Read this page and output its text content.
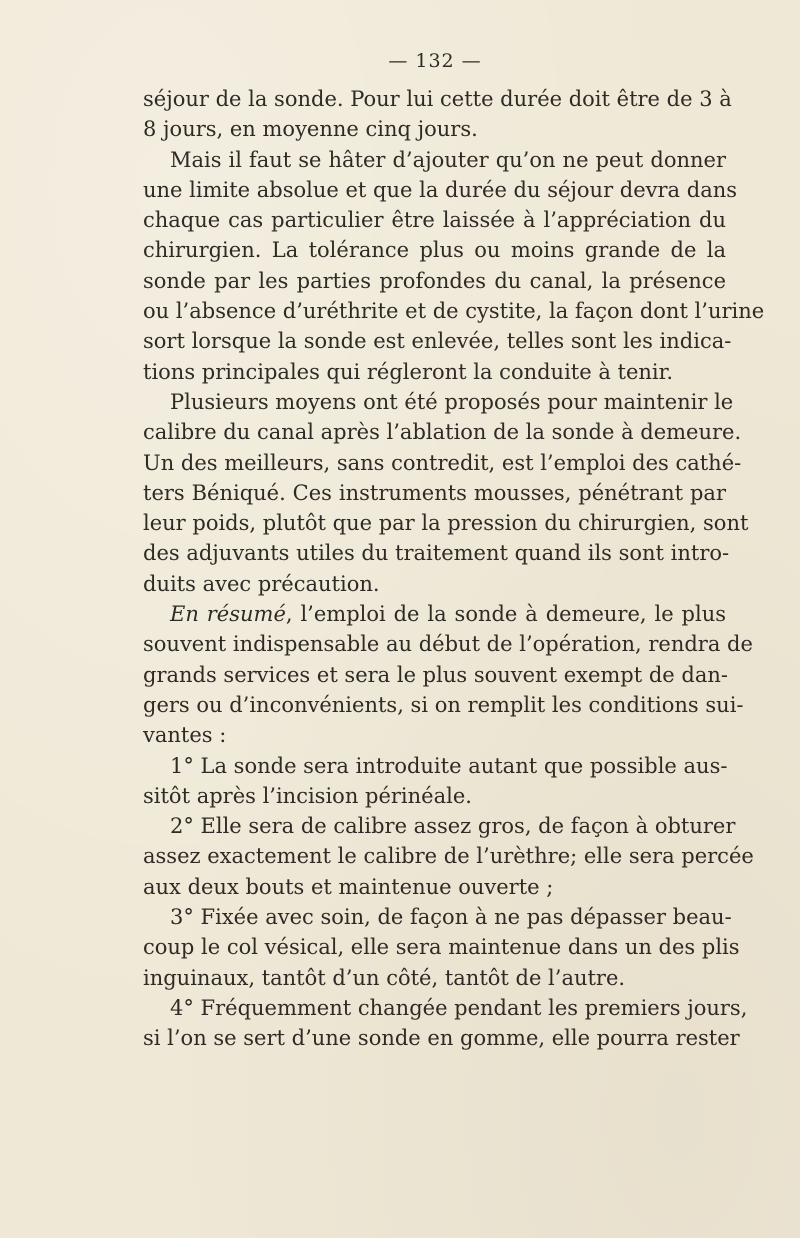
— 132 —
séjour de la sonde. Pour lui cette durée doit être de 3 à
8 jours, en moyenne cinq jours.
Mais il faut se hâter d’ajouter qu’on ne peut donner
une limite absolue et que la durée du séjour devra dans
chaque cas particulier être laissée à l’appréciation du
chirurgien. La tolérance plus ou moins grande de la
sonde par les parties profondes du canal, la présence
ou l’absence d’uréthrite et de cystite, la façon dont l’urine
sort lorsque la sonde est enlevée, telles sont les indica-
tions principales qui régleront la conduite à tenir.
Plusieurs moyens ont été proposés pour maintenir le
calibre du canal après l’ablation de la sonde à demeure.
Un des meilleurs, sans contredit, est l’emploi des cathé-
ters Béniqué. Ces instruments mousses, pénétrant par
leur poids, plutôt que par la pression du chirurgien, sont
des adjuvants utiles du traitement quand ils sont intro-
duits avec précaution.
En résumé, l’emploi de la sonde à demeure, le plus
souvent indispensable au début de l’opération, rendra de
grands services et sera le plus souvent exempt de dan-
gers ou d’inconvénients, si on remplit les conditions sui-
vantes :
1° La sonde sera introduite autant que possible aus-
sitôt après l’incision périnéale.
2° Elle sera de calibre assez gros, de façon à obturer
assez exactement le calibre de l’urèthre; elle sera percée
aux deux bouts et maintenue ouverte ;
3° Fixée avec soin, de façon à ne pas dépasser beau-
coup le col vésical, elle sera maintenue dans un des plis
inguinaux, tantôt d’un côté, tantôt de l’autre.
4° Fréquemment changée pendant les premiers jours,
si l’on se sert d’une sonde en gomme, elle pourra rester
